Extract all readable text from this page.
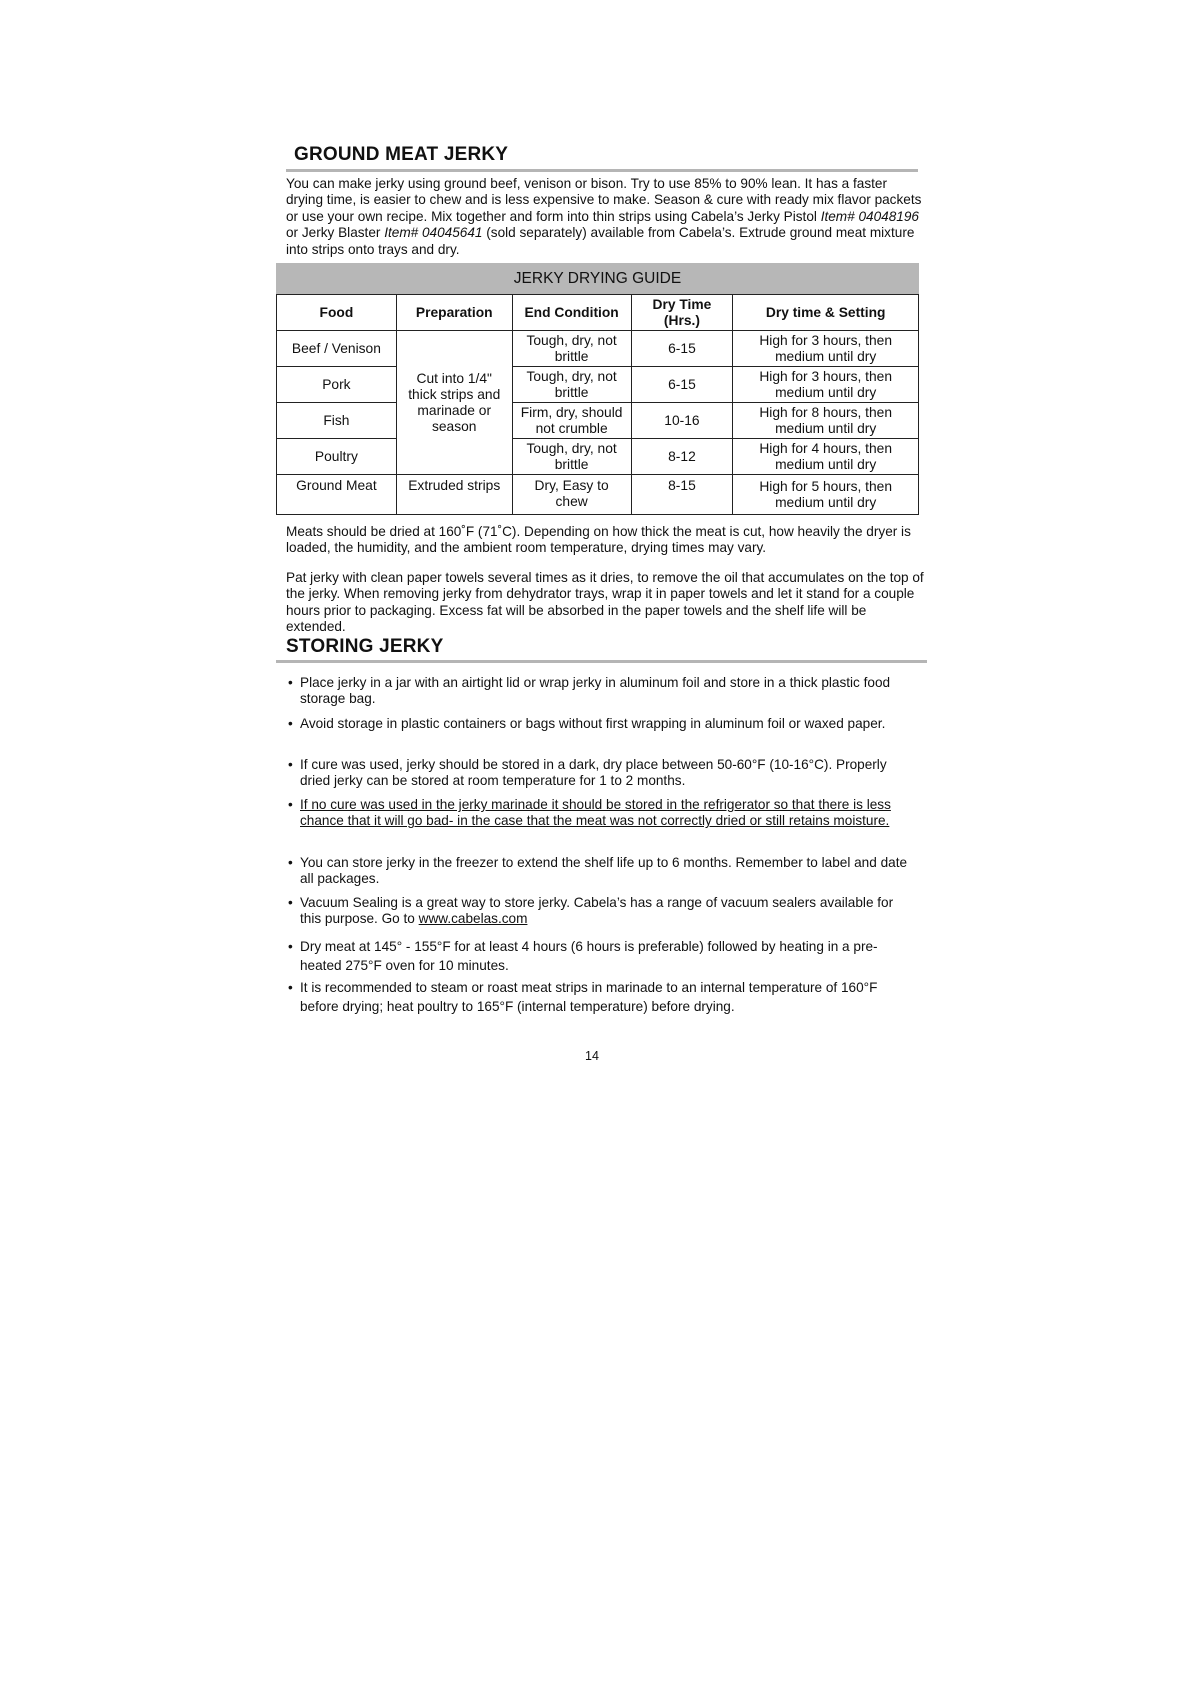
GROUND MEAT JERKY
You can make jerky using ground beef, venison or bison. Try to use 85% to 90% lean. It has a faster drying time, is easier to chew and is less expensive to make. Season & cure with ready mix flavor packets or use your own recipe. Mix together and form into thin strips using Cabela’s Jerky Pistol Item# 04048196 or Jerky Blaster Item# 04045641 (sold separately) available from Cabela’s. Extrude ground meat mixture into strips onto trays and dry.
JERKY DRYING GUIDE
Food	Preparation	End Condition	Dry Time (Hrs.)	Dry time & Setting
Beef / Venison	Cut into 1/4" thick strips and marinade or season	Tough, dry, not brittle	6-15	High for 3 hours, then medium until dry
Pork		Tough, dry, not brittle	6-15	High for 3 hours, then medium until dry
Fish		Firm, dry, should not crumble	10-16	High for 8 hours, then medium until dry
Poultry		Tough, dry, not brittle	8-12	High for 4 hours, then medium until dry
Ground Meat	Extruded strips	Dry, Easy to chew	8-15	High for 5 hours, then medium until dry
Meats should be dried at 160˚F (71˚C). Depending on how thick the meat is cut, how heavily the dryer is loaded, the humidity, and the ambient room temperature, drying times may vary.
Pat jerky with clean paper towels several times as it dries, to remove the oil that accumulates on the top of the jerky. When removing jerky from dehydrator trays, wrap it in paper towels and let it stand for a couple hours prior to packaging. Excess fat will be absorbed in the paper towels and the shelf life will be extended.
STORING JERKY
• Place jerky in a jar with an airtight lid or wrap jerky in aluminum foil and store in a thick plastic food storage bag.
• Avoid storage in plastic containers or bags without first wrapping in aluminum foil or waxed paper.
• If cure was used, jerky should be stored in a dark, dry place between 50-60°F (10-16°C). Properly dried jerky can be stored at room temperature for 1 to 2 months.
• If no cure was used in the jerky marinade it should be stored in the refrigerator so that there is less chance that it will go bad- in the case that the meat was not correctly dried or still retains moisture.
• You can store jerky in the freezer to extend the shelf life up to 6 months. Remember to label and date all packages.
• Vacuum Sealing is a great way to store jerky. Cabela’s has a range of vacuum sealers available for this purpose. Go to www.cabelas.com
• Dry meat at 145° - 155°F for at least 4 hours (6 hours is preferable) followed by heating in a pre-heated 275°F oven for 10 minutes.
• It is recommended to steam or roast meat strips in marinade to an internal temperature of 160°F before drying; heat poultry to 165°F (internal temperature) before drying.
14
